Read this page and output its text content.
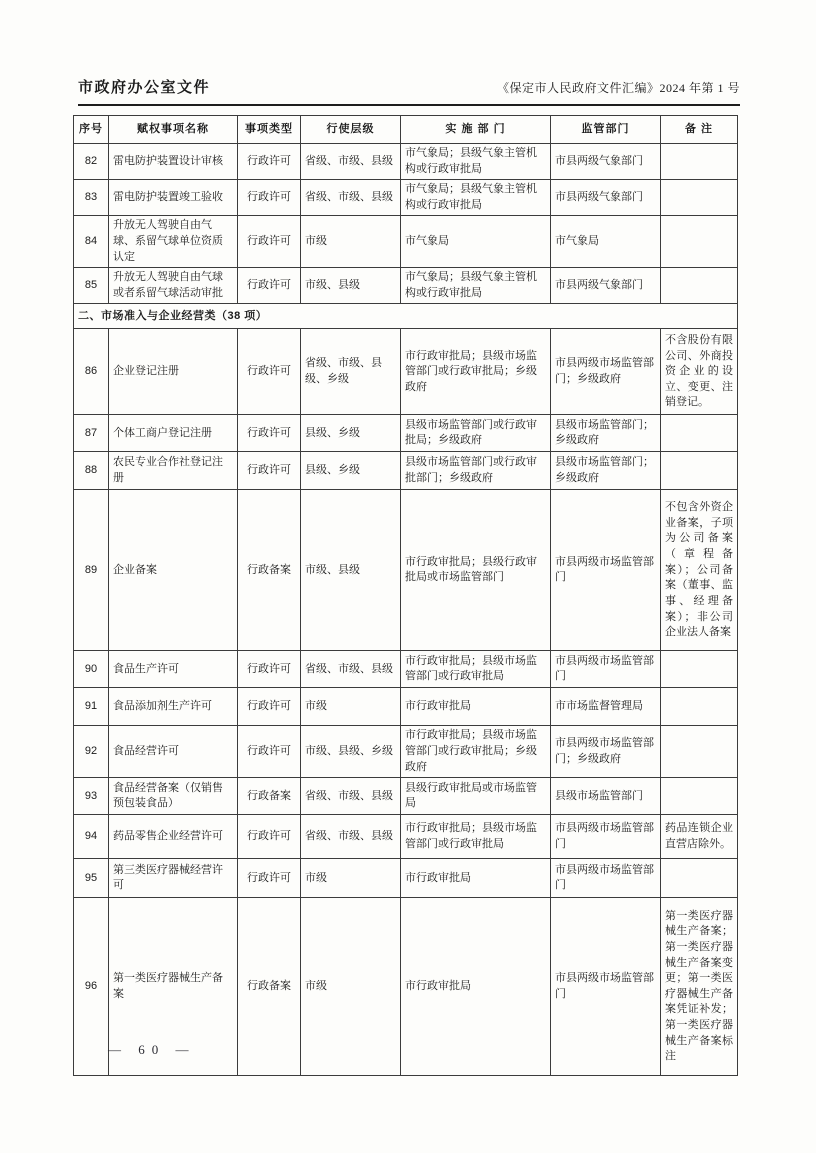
市政府办公室文件	《保定市人民政府文件汇编》2024 年第 1 号
序号	赋权事项名称	事项类型	行使层级	实 施 部 门	监管部门	备 注
82	雷电防护装置设计审核	行政许可	省级、市级、县级	市气象局；县级气象主管机构或行政审批局	市县两级气象部门	
83	雷电防护装置竣工验收	行政许可	省级、市级、县级	市气象局；县级气象主管机构或行政审批局	市县两级气象部门	
84	升放无人驾驶自由气球、系留气球单位资质认定	行政许可	市级	市气象局	市气象局	
85	升放无人驾驶自由气球或者系留气球活动审批	行政许可	市级、县级	市气象局；县级气象主管机构或行政审批局	市县两级气象部门	
二、市场准入与企业经营类（38 项）						
86	企业登记注册	行政许可	省级、市级、县级、乡级	市行政审批局；县级市场监管部门或行政审批局；乡级政府	市县两级市场监管部门；乡级政府	不含股份有限公司、外商投资企业的设立、变更、注销登记。
87	个体工商户登记注册	行政许可	县级、乡级	县级市场监管部门或行政审批局；乡级政府	县级市场监管部门；乡级政府	
88	农民专业合作社登记注册	行政许可	县级、乡级	县级市场监管部门或行政审批部门；乡级政府	县级市场监管部门；乡级政府	
89	企业备案	行政备案	市级、县级	市行政审批局；县级行政审批局或市场监管部门	市县两级市场监管部门	不包含外资企业备案，子项为公司备案（章程备案）；公司备案（董事、监事、经理备案）；非公司企业法人备案
90	食品生产许可	行政许可	省级、市级、县级	市行政审批局；县级市场监管部门或行政审批局	市县两级市场监管部门	
91	食品添加剂生产许可	行政许可	市级	市行政审批局	市市场监督管理局	
92	食品经营许可	行政许可	市级、县级、乡级	市行政审批局；县级市场监管部门或行政审批局；乡级政府	市县两级市场监管部门；乡级政府	
93	食品经营备案（仅销售预包装食品）	行政备案	省级、市级、县级	县级行政审批局或市场监管局	县级市场监管部门	
94	药品零售企业经营许可	行政许可	省级、市级、县级	市行政审批局；县级市场监管部门或行政审批局	市县两级市场监管部门	药品连锁企业直营店除外。
95	第三类医疗器械经营许可	行政许可	市级	市行政审批局	市县两级市场监管部门	
96	第一类医疗器械生产备案	行政备案	市级	市行政审批局	市县两级市场监管部门	第一类医疗器械生产备案；第一类医疗器械生产备案变更；第一类医疗器械生产备案凭证补发；第一类医疗器械生产备案标注
— 60 —
